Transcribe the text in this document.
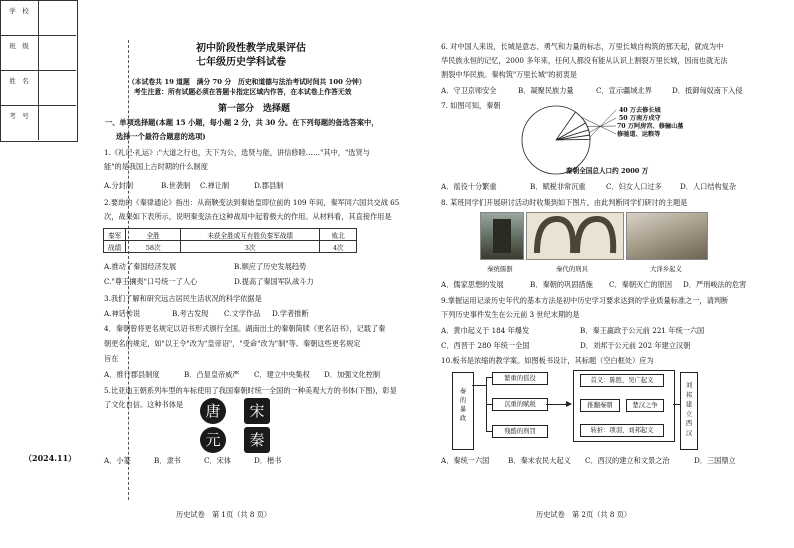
学　校
班　级
姓　名
考　号
（2024.11）
初中阶段性教学成果评估
七年级历史学科试卷
（本试卷共 19 道题　满分 70 分　历史和道德与法治考试时间共 100 分钟）
考生注意：所有试题必须在答题卡指定区域内作答，在本试卷上作答无效
第一部分　选择题
一、单项选择题(本题 15 小题，每小题 2 分，共 30 分。在下列每题的备选答案中，
选择一个最符合题意的选项)
1.《礼记·礼运》:"大道之行也，天下为公，选贤与能，讲信修睦……"其中，"选贤与
能"的是我国上古时期的什么制度
A.分封制	B.世袭制 C.禅让制	D.郡县制
2.要劫的《秦律通论》指出：从商鞅变法到秦始皇即位前的 109 年间，秦军同六国共交战 65
次，战果如下表所示，说明秦变法在这种战局中起着极大的作用。从材料看，其直接作用是
秦军	全胜	未获全胜或互有胜负秦军战绩	败北
战绩	58次	3次	4次
A.推动了秦国经济发展	B.顺应了历史发展趋势
C."尊王攘夷"口号统一了人心	D.提高了秦国军队战斗力
3.我们了解和研究远古居民生活状况的科学依据是
A.神话传说	B.考古发现 C.文学作品 D.学者推断
4．秦朝曾将更名规定以诏书形式颁行全国。湖南出土的秦朝简牍《更名诏书》，记载了秦
朝更名的规定，如"以王令"改为"皇帝诏"，"受命"改为"制"等。秦朝这些更名规定
旨在
A．推行郡县制度	B．凸显皇帝威严 C．建立中央集权 D．加强文化控制
5.比亚迪王朝系列车型的车标使用了我国秦朝时统一全国的一种美观大方的书体(下图)，彰显
了文化自信。这种书体是	唐	宋
元	秦
A．小篆	B．隶书	C．宋体	D．楷书
历史试卷　第 1页（共 8 页）
6. 对中国人来说，长城是意志、勇气和力量的标志，万里长城自构筑的那天起，就成为中
华民族永恒的记忆，2000 多年来，任何人都没有能从认识上割裂万里长城，因而也就无法
割裂中华民族。秦构筑"万里长城"的初衷是
A．守卫京师安全	B．凝聚民族力量	C．宣示疆域北界	D．抵御匈奴南下入侵
7. 如图可知，秦朝
40 万去修长城
50 万南方戍守
70 万阿房宫、修骊山墓
修驰道、运粮等
秦朝全国总人口约 2000 万
A．徭役十分繁重	B．赋税非常沉重	C．妇女人口过多	D．人口结构复杂
8. 某班同学们开展研讨活动时收集到如下图片，由此判断同学们研讨的主题是
秦统儒器	秦代的刑具	大泽乡起义
A．儒家思想的发展	B．秦朝的巩固措施 C．秦朝灭亡的原因 D．严刑峻法的危害
9.掌握运用记录历史年代的基本方法是初中历史学习要求达到的学业质量标准之一，请判断
下列历史事件发生在公元前 3 世纪末期的是
A．黄巾起义于 184 年爆发	B．秦王嬴政于公元前 221 年统一六国
C．西晋于 280 年统一全国	D．刘邦于公元前 202 年建立汉朝
10.板书是浓缩的教学案。如图板书设计，其标题（空白框处）应为
秦的暴政
繁重的徭役
沉重的赋税
残酷的刑罚
首义：陈胜、吴广起义
推翻秦朝	楚汉之争
转折：项羽、刘邦起义
刘邦建立西汉
A．秦统一六国	B．秦末农民大起义 C．西汉的建立和文景之治	D．三国鼎立
历史试卷　第 2页（共 8 页）
